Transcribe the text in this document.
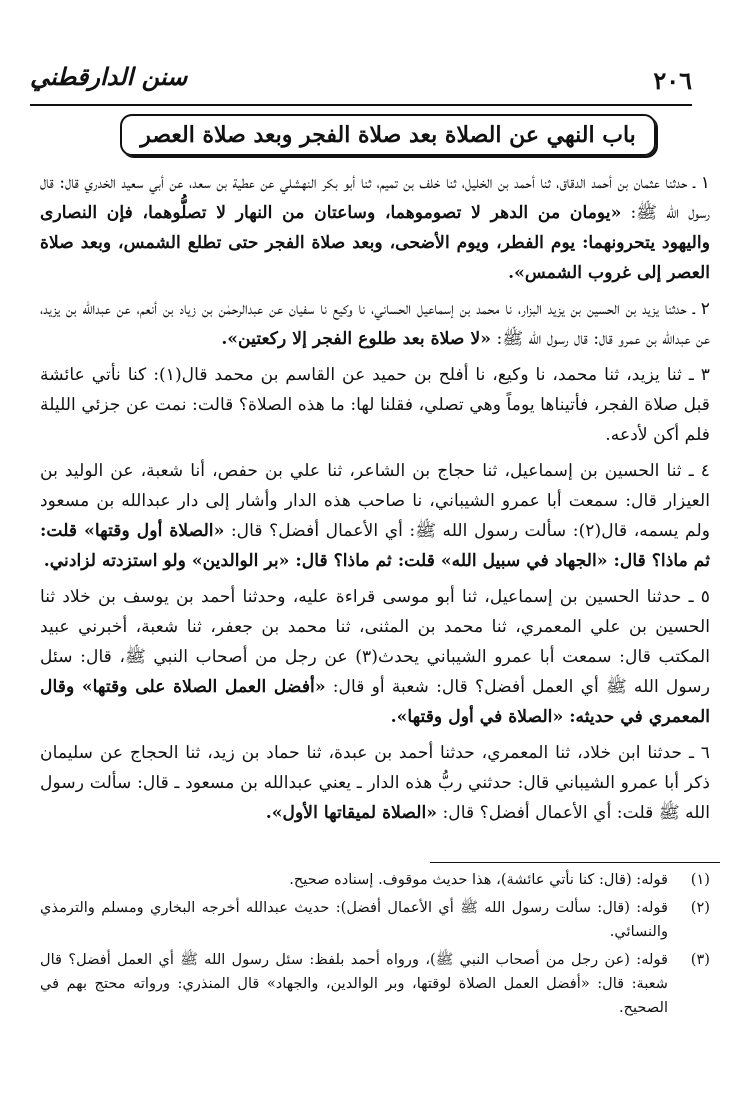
٢٠٦
سنن الدارقطني
باب النهي عن الصلاة بعد صلاة الفجر وبعد صلاة العصر

١ ـ حدثنا عثمان بن أحمد الدقاق، ثنا أحمد بن الخليل، ثنا خلف بن تميم، ثنا أبو بكر النهشلي عن عطية بن سعد، عن أبي سعيد الخدري قال: قال رسول الله ﷺ: «يومان من الدهر لا تصوموهما، وساعتان من النهار لا تصلُّوهما، فإن النصارى واليهود يتحرونهما: يوم الفطر، ويوم الأضحى، وبعد صلاة الفجر حتى تطلع الشمس، وبعد صلاة العصر إلى غروب الشمس».

٢ ـ حدثنا يزيد بن الحسين بن يزيد البزار، نا محمد بن إسماعيل الحساني، نا وكيع نا سفيان عن عبدالرحمٰن بن زياد بن أنعم، عن عبدالله بن يزيد، عن عبدالله بن عمرو قال: قال رسول الله ﷺ: «لا صلاة بعد طلوع الفجر إلا ركعتين».

٣ ـ ثنا يزيد، ثنا محمد، نا وكيع، نا أفلح بن حميد عن القاسم بن محمد قال(١): كنا نأتي عائشة قبل صلاة الفجر، فأتيناها يوماً وهي تصلي، فقلنا لها: ما هذه الصلاة؟ قالت: نمت عن جزئي الليلة فلم أكن لأدعه.

٤ ـ ثنا الحسين بن إسماعيل، ثنا حجاج بن الشاعر، ثنا علي بن حفص، أنا شعبة، عن الوليد بن العيزار قال: سمعت أبا عمرو الشيباني، نا صاحب هذه الدار وأشار إلى دار عبدالله بن مسعود ولم يسمه، قال(٢): سألت رسول الله ﷺ: أي الأعمال أفضل؟ قال: «الصلاة أول وقتها» قلت: ثم ماذا؟ قال: «الجهاد في سبيل الله» قلت: ثم ماذا؟ قال: «بر الوالدين» ولو استزدته لزادني.

٥ ـ حدثنا الحسين بن إسماعيل، ثنا أبو موسى قراءة عليه، وحدثنا أحمد بن يوسف بن خلاد ثنا الحسين بن علي المعمري، ثنا محمد بن المثنى، ثنا محمد بن جعفر، ثنا شعبة، أخبرني عبيد المكتب قال: سمعت أبا عمرو الشيباني يحدث(٣) عن رجل من أصحاب النبي ﷺ، قال: سئل رسول الله ﷺ أي العمل أفضل؟ قال: شعبة أو قال: «أفضل العمل الصلاة على وقتها» وقال المعمري في حديثه: «الصلاة في أول وقتها».

٦ ـ حدثنا ابن خلاد، ثنا المعمري، حدثنا أحمد بن عبدة، ثنا حماد بن زيد، ثنا الحجاج عن سليمان ذكر أبا عمرو الشيباني قال: حدثني ربُّ هذه الدار ـ يعني عبدالله بن مسعود ـ قال: سألت رسول الله ﷺ قلت: أي الأعمال أفضل؟ قال: «الصلاة لميقاتها الأول».

(١)
قوله: (قال: كنا نأتي عائشة)، هذا حديث موقوف. إسناده صحيح.
(٢)
قوله: (قال: سألت رسول الله ﷺ أي الأعمال أفضل): حديث عبدالله أخرجه البخاري ومسلم والترمذي والنسائي.
(٣)
قوله: (عن رجل من أصحاب النبي ﷺ)، ورواه أحمد بلفظ: سئل رسول الله ﷺ أي العمل أفضل؟ قال شعبة: قال: «أفضل العمل الصلاة لوقتها، وبر الوالدين، والجهاد» قال المنذري: ورواته محتج بهم في الصحيح.
